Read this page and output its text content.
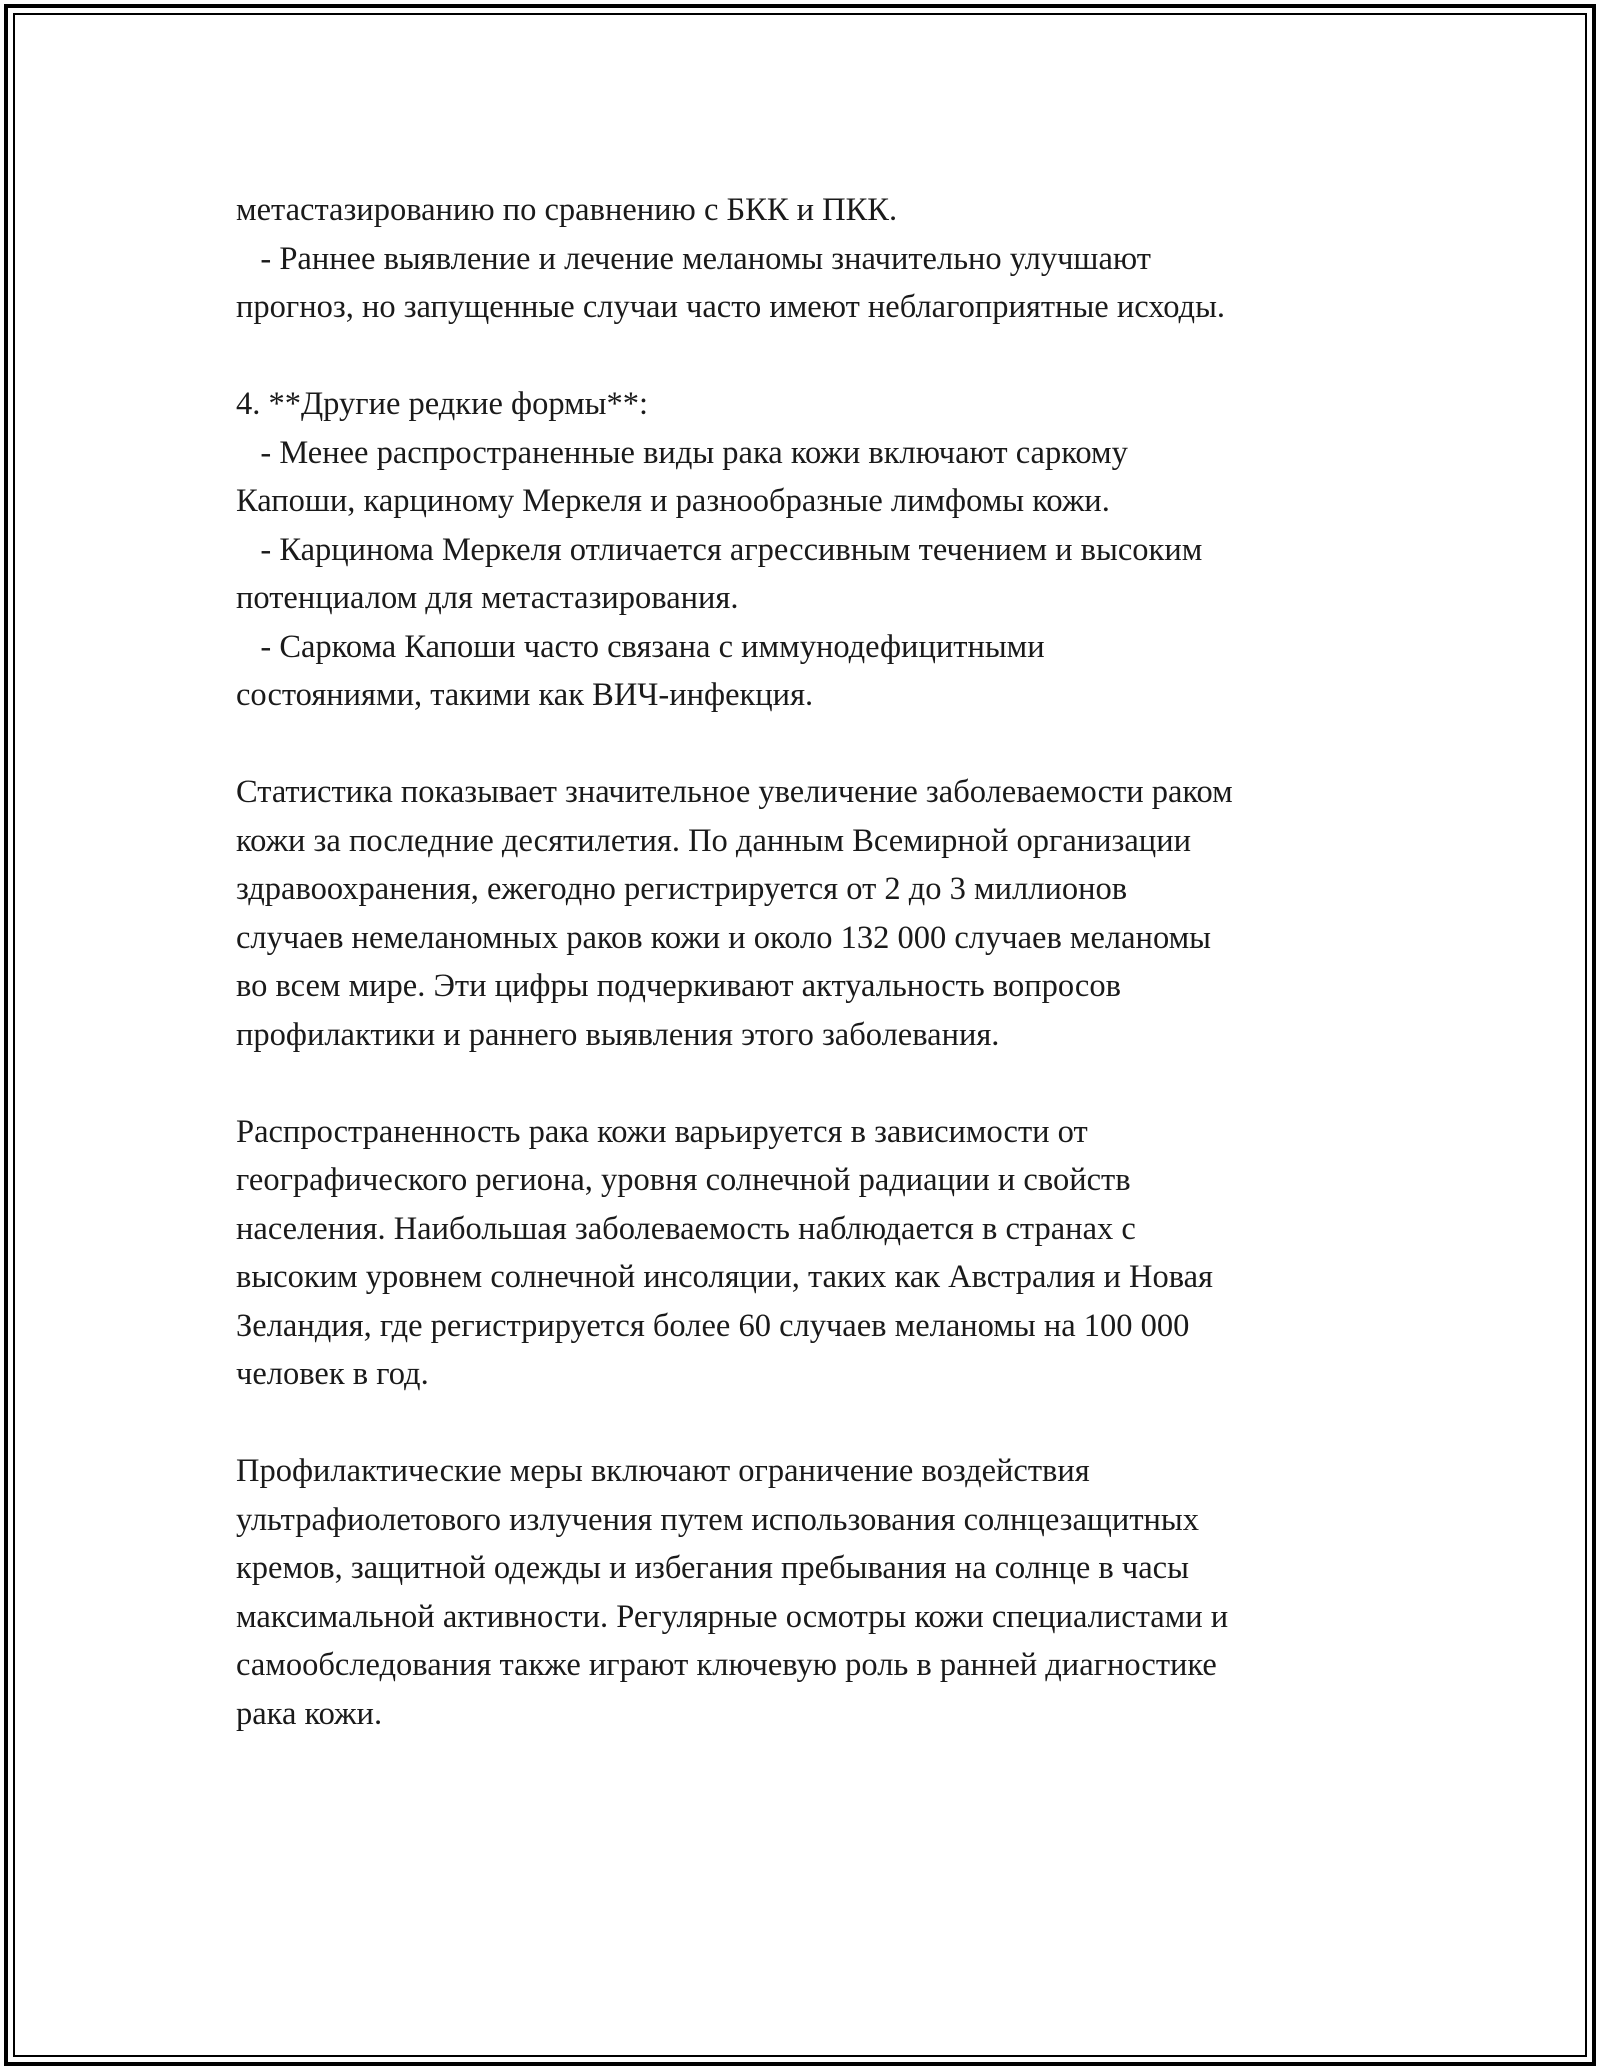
метастазированию по сравнению с БКК и ПКК.
- Раннее выявление и лечение меланомы значительно улучшают
прогноз, но запущенные случаи часто имеют неблагоприятные исходы.
4. **Другие редкие формы**:
- Менее распространенные виды рака кожи включают саркому
Капоши, карциному Меркеля и разнообразные лимфомы кожи.
- Карцинома Меркеля отличается агрессивным течением и высоким
потенциалом для метастазирования.
- Саркома Капоши часто связана с иммунодефицитными
состояниями, такими как ВИЧ-инфекция.
Статистика показывает значительное увеличение заболеваемости раком
кожи за последние десятилетия. По данным Всемирной организации
здравоохранения, ежегодно регистрируется от 2 до 3 миллионов
случаев немеланомных раков кожи и около 132 000 случаев меланомы
во всем мире. Эти цифры подчеркивают актуальность вопросов
профилактики и раннего выявления этого заболевания.
Распространенность рака кожи варьируется в зависимости от
географического региона, уровня солнечной радиации и свойств
населения. Наибольшая заболеваемость наблюдается в странах с
высоким уровнем солнечной инсоляции, таких как Австралия и Новая
Зеландия, где регистрируется более 60 случаев меланомы на 100 000
человек в год.
Профилактические меры включают ограничение воздействия
ультрафиолетового излучения путем использования солнцезащитных
кремов, защитной одежды и избегания пребывания на солнце в часы
максимальной активности. Регулярные осмотры кожи специалистами и
самообследования также играют ключевую роль в ранней диагностике
рака кожи.
